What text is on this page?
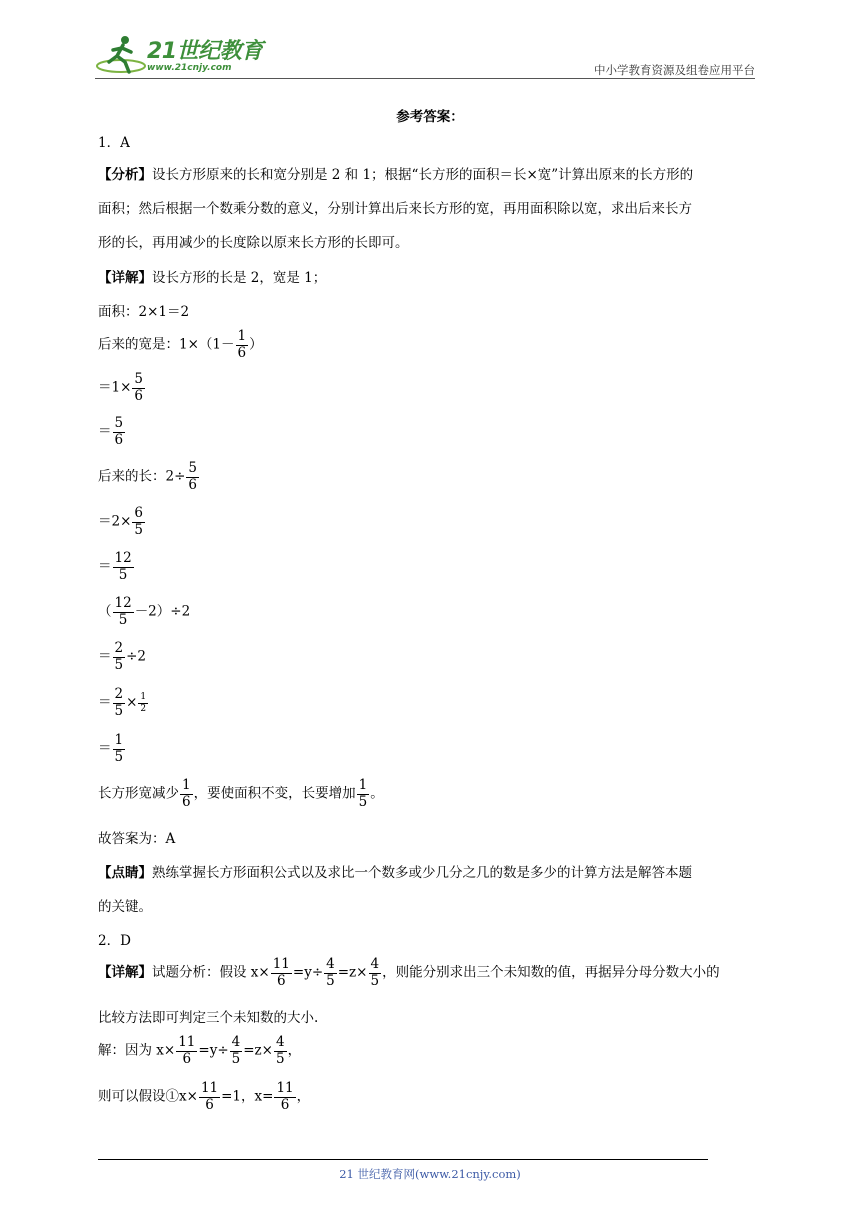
21世纪教育
www.21cnjy.com	中小学教育资源及组卷应用平台
参考答案：
1．A
【分析】设长方形原来的长和宽分别是 2 和 1；根据“长方形的面积＝长×宽”计算出原来的长方形的
面积；然后根据一个数乘分数的意义，分别计算出后来长方形的宽，再用面积除以宽，求出后来长方
形的长，再用减少的长度除以原来长方形的长即可。
【详解】设长方形的长是 2，宽是 1；
面积：2×1＝2
后来的宽是：$1\times(1- \frac{1}{6}$ ）
$=1\times \frac{5}{6}$
＝ $\frac{5}{6}$
后来的长：$2\div \frac{5}{6}$
$=2\times \frac{6}{5}$
＝ $\frac{12}{5}$
（ $\frac{12}{5} -2)\div 2$
＝ $\frac{2}{5} \div 2$
＝ $\frac{2}{5} \times \frac{1}{2}$
＝ $\frac{1}{5}$
长方形宽减少 $\frac{1}{6}$ ，要使面积不变，长要增加 $\frac{1}{5}$ 。
故答案为：A
【点睛】熟练掌握长方形面积公式以及求比一个数多或少几分之几的数是多少的计算方法是解答本题
的关键。
2．D
【详解】试题分析：假设 $x\times \frac{11}{6} =y\div \frac{4}{5} =z\times \frac{4}{5}$ ，则能分别求出三个未知数的值，再据异分母分数大小的
比较方法即可判定三个未知数的大小.
解：因为 $x\times \frac{11}{6} =y\div \frac{4}{5} =z\times \frac{4}{5}$ ，
则可以假设①x× $\frac{11}{6} =1$，$x= \frac{11}{6}$ ，
21 世纪教育网(www.21cnjy.com)
